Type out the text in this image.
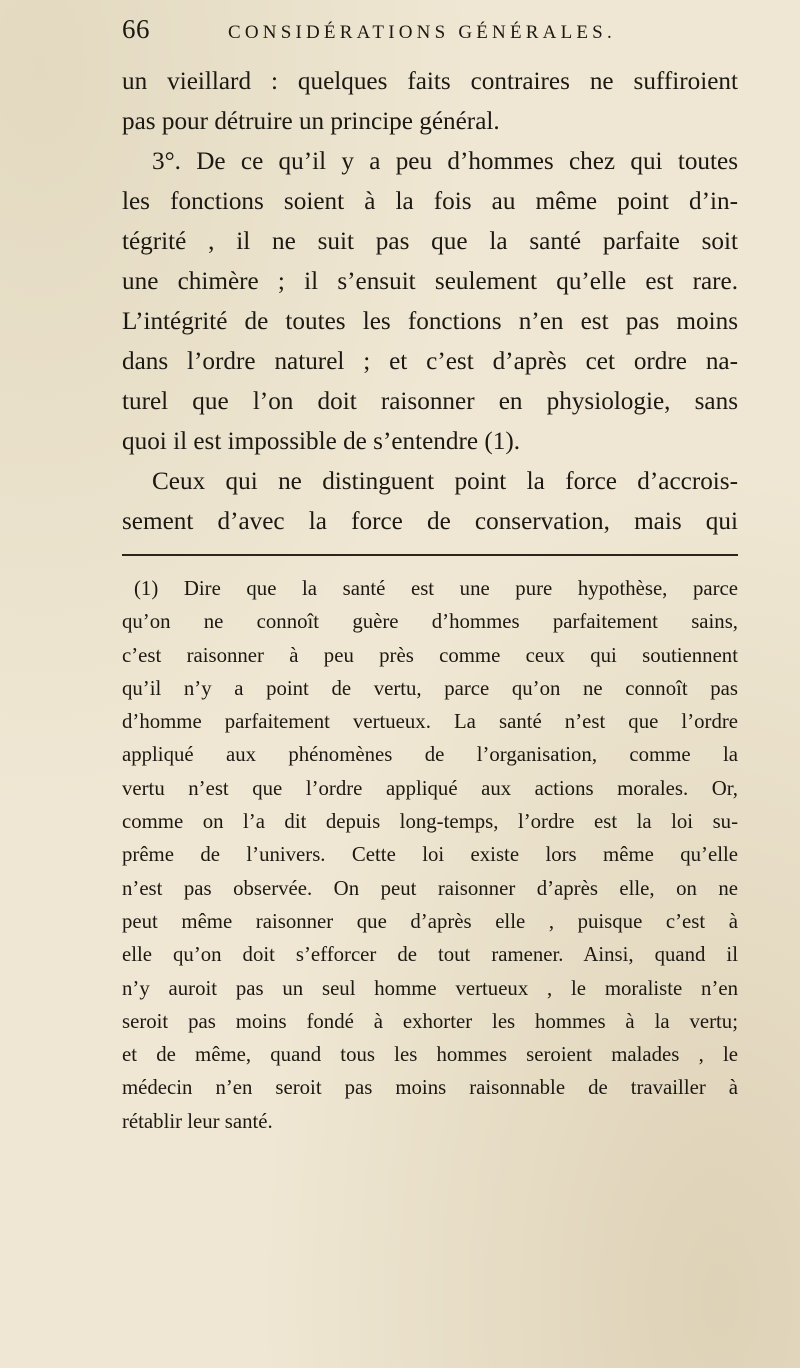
66	CONSIDÉRATIONS GÉNÉRALES.
un vieillard : quelques faits contraires ne suffiroient
pas pour détruire un principe général.
3°. De ce qu’il y a peu d’hommes chez qui toutes
les fonctions soient à la fois au même point d’in-
tégrité , il ne suit pas que la santé parfaite soit
une chimère ; il s’ensuit seulement qu’elle est rare.
L’intégrité de toutes les fonctions n’en est pas moins
dans l’ordre naturel ; et c’est d’après cet ordre na-
turel que l’on doit raisonner en physiologie, sans
quoi il est impossible de s’entendre (1).
Ceux qui ne distinguent point la force d’accrois-
sement d’avec la force de conservation, mais qui
(1) Dire que la santé est une pure hypothèse, parce
qu’on ne connoît guère d’hommes parfaitement sains,
c’est raisonner à peu près comme ceux qui soutiennent
qu’il n’y a point de vertu, parce qu’on ne connoît pas
d’homme parfaitement vertueux. La santé n’est que l’ordre
appliqué aux phénomènes de l’organisation, comme la
vertu n’est que l’ordre appliqué aux actions morales. Or,
comme on l’a dit depuis long-temps, l’ordre est la loi su-
prême de l’univers. Cette loi existe lors même qu’elle
n’est pas observée. On peut raisonner d’après elle, on ne
peut même raisonner que d’après elle , puisque c’est à
elle qu’on doit s’efforcer de tout ramener. Ainsi, quand il
n’y auroit pas un seul homme vertueux , le moraliste n’en
seroit pas moins fondé à exhorter les hommes à la vertu;
et de même, quand tous les hommes seroient malades , le
médecin n’en seroit pas moins raisonnable de travailler à
rétablir leur santé.
